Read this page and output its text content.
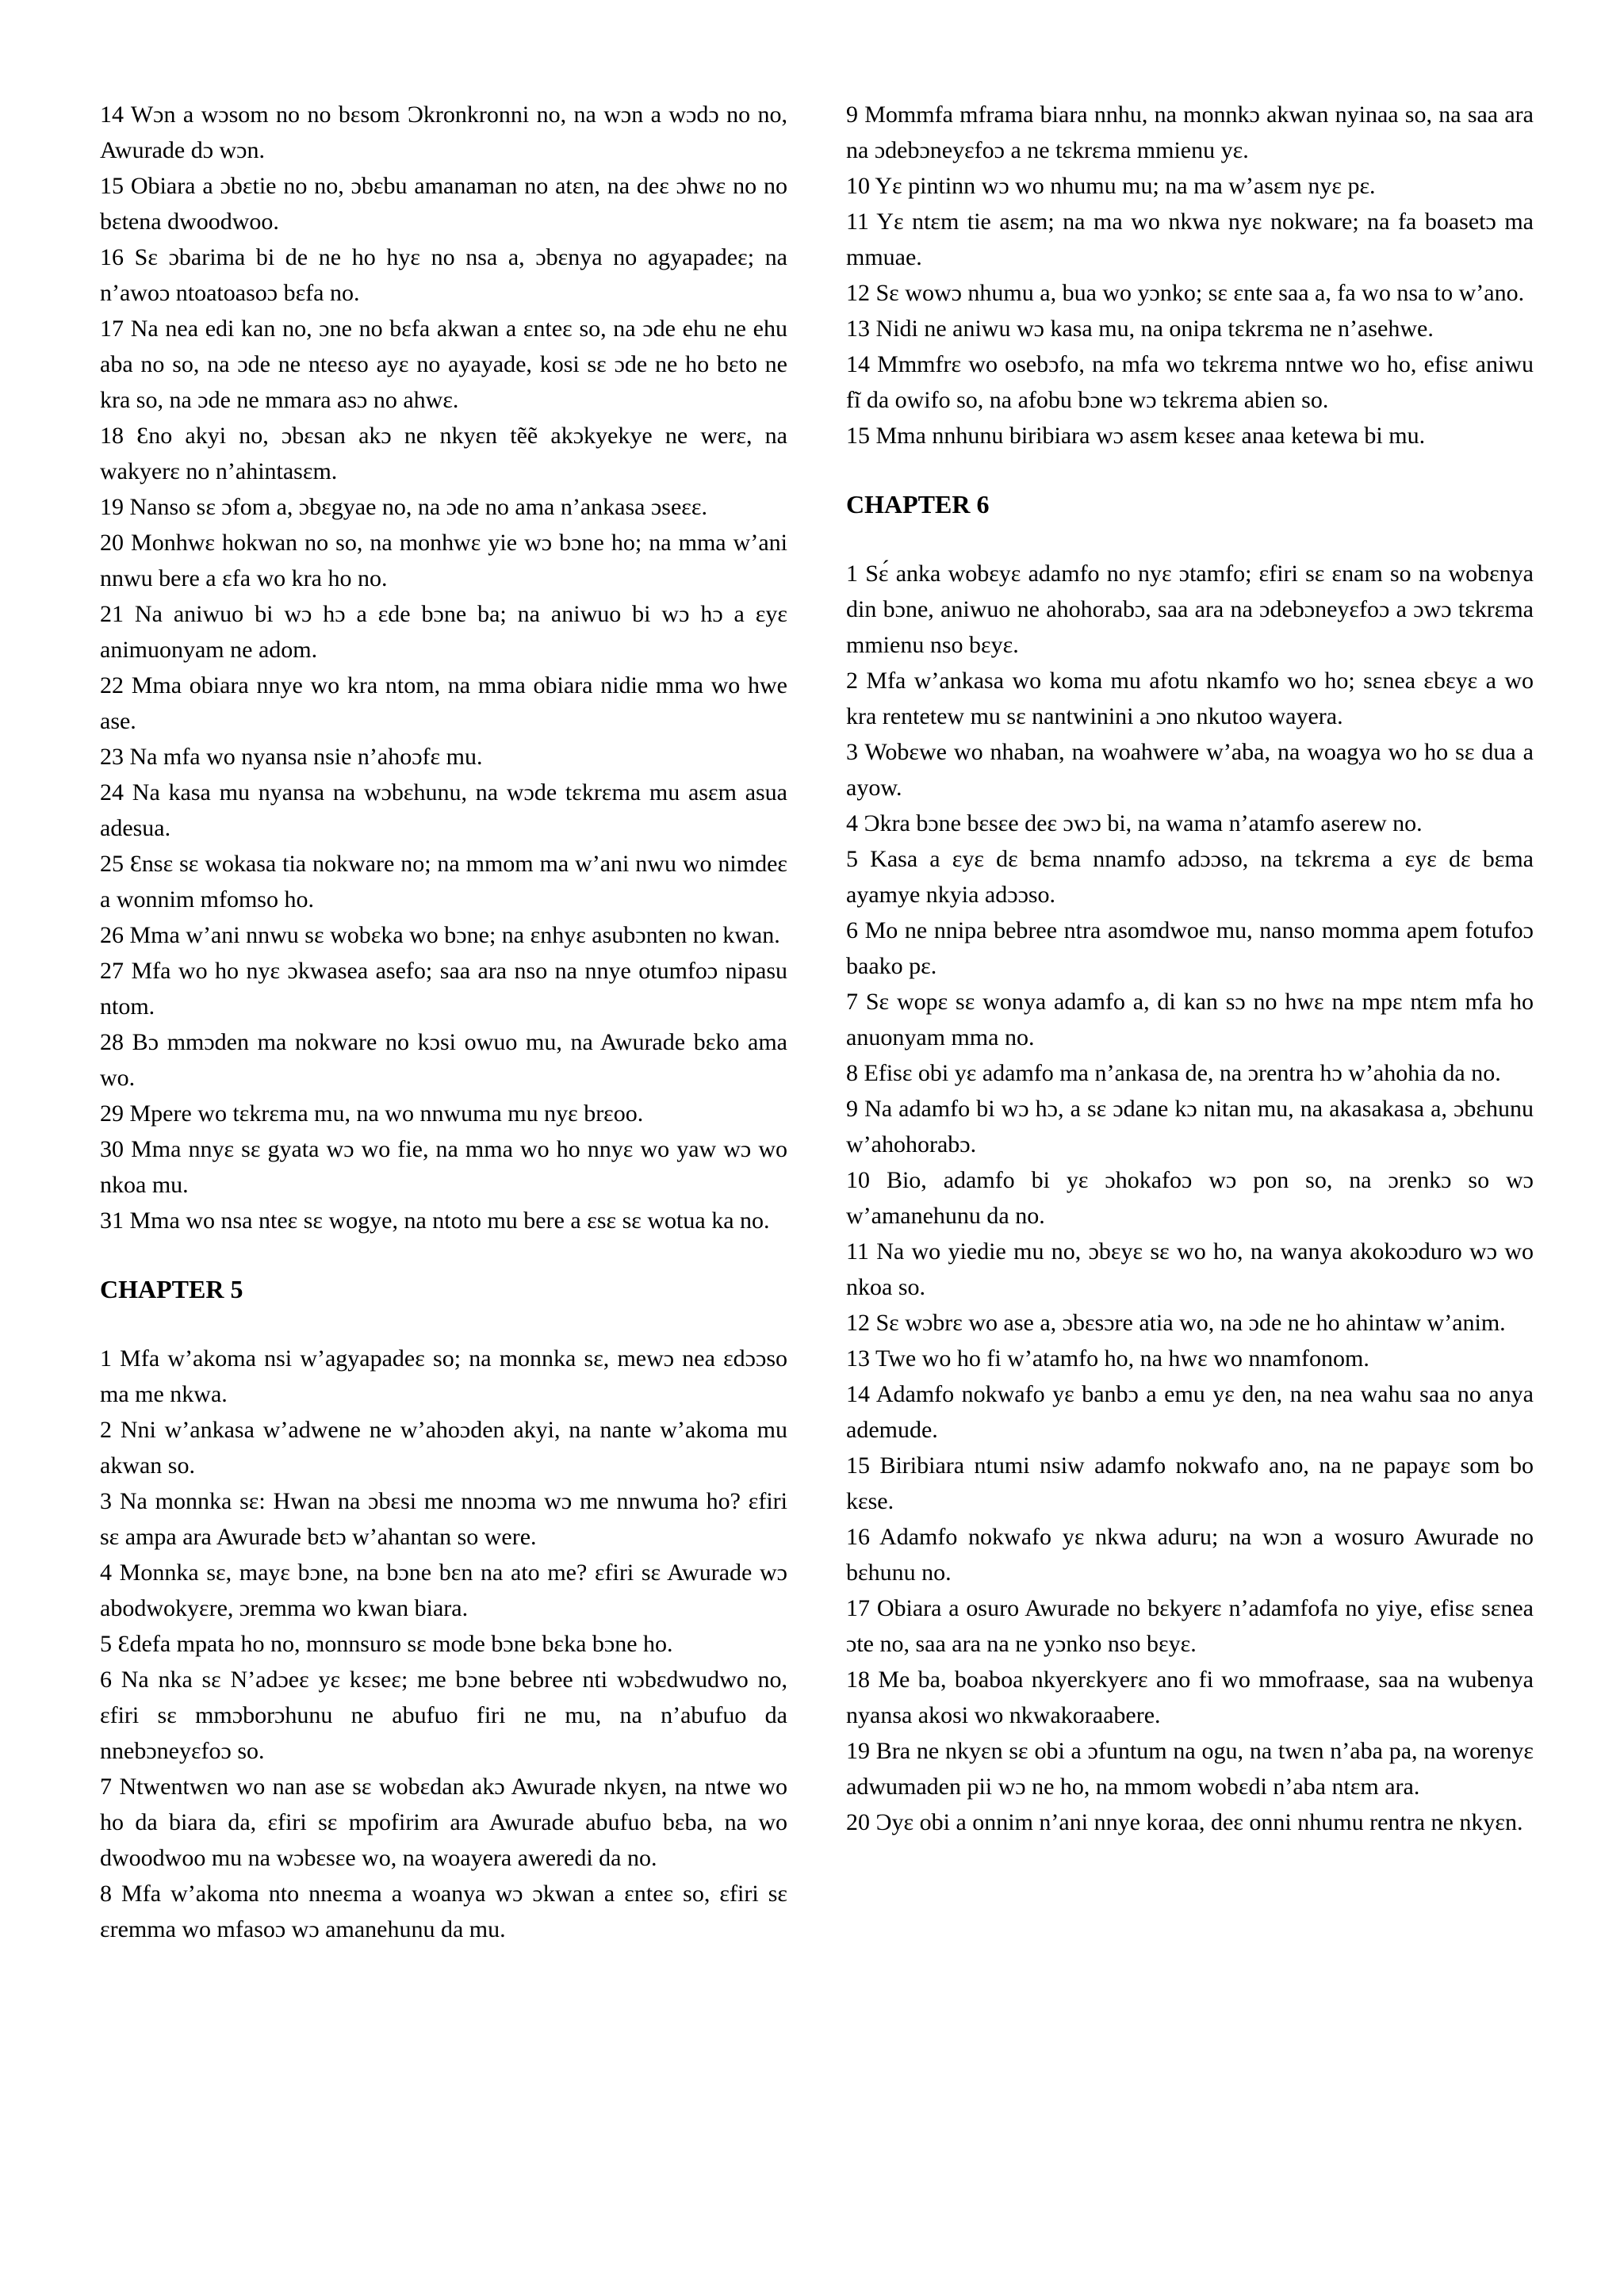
14 Wɔn a wɔsom no no bɛsom Ɔkronkronni no, na wɔn a wɔdɔ no no, Awurade dɔ wɔn.

15 Obiara a ɔbɛtie no no, ɔbɛbu amanaman no atɛn, na deɛ ɔhwɛ no no bɛtena dwoodwoo.

16 Sɛ ɔbarima bi de ne ho hyɛ no nsa a, ɔbɛnya no agyapadeɛ; na n’awoɔ ntoatoasoɔ bɛfa no.

17 Na nea edi kan no, ɔne no bɛfa akwan a ɛnteɛ so, na ɔde ehu ne ehu aba no so, na ɔde ne nteɛso ayɛ no ayayade, kosi sɛ ɔde ne ho bɛto ne kra so, na ɔde ne mmara asɔ no ahwɛ.

18 Ɛno akyi no, ɔbɛsan akɔ ne nkyɛn tẽẽ akɔkyekye ne werɛ, na wakyerɛ no n’ahintasɛm.

19 Nanso sɛ ɔfom a, ɔbɛgyae no, na ɔde no ama n’ankasa ɔseɛɛ.

20 Monhwɛ hokwan no so, na monhwɛ yie wɔ bɔne ho; na mma w’ani nnwu bere a ɛfa wo kra ho no.

21 Na aniwuo bi wɔ hɔ a ɛde bɔne ba; na aniwuo bi wɔ hɔ a ɛyɛ animuonyam ne adom.

22 Mma obiara nnye wo kra ntom, na mma obiara nidie mma wo hwe ase.

23 Na mfa wo nyansa nsie n’ahoɔfɛ mu.

24 Na kasa mu nyansa na wɔbɛhunu, na wɔde tɛkrɛma mu asɛm asua adesua.

25 Ɛnsɛ sɛ wokasa tia nokware no; na mmom ma w’ani nwu wo nimdeɛ a wonnim mfomso ho.

26 Mma w’ani nnwu sɛ wobɛka wo bɔne; na ɛnhyɛ asubɔnten no kwan.

27 Mfa wo ho nyɛ ɔkwasea asefo; saa ara nso na nnye otumfoɔ nipasu ntom.

28 Bɔ mmɔden ma nokware no kɔsi owuo mu, na Awurade bɛko ama wo.

29 Mpere wo tɛkrɛma mu, na wo nnwuma mu nyɛ brɛoo.

30 Mma nnyɛ sɛ gyata wɔ wo fie, na mma wo ho nnyɛ wo yaw wɔ wo nkoa mu.

31 Mma wo nsa nteɛ sɛ wogye, na ntoto mu bere a ɛsɛ sɛ wotua ka no.

CHAPTER 5

1 Mfa w’akoma nsi w’agyapadeɛ so; na monnka sɛ, mewɔ nea ɛdɔɔso ma me nkwa.

2 Nni w’ankasa w’adwene ne w’ahoɔden akyi, na nante w’akoma mu akwan so.

3 Na monnka sɛ: Hwan na ɔbɛsi me nnoɔma wɔ me nnwuma ho? ɛfiri sɛ ampa ara Awurade bɛtɔ w’ahantan so were.

4 Monnka sɛ, mayɛ bɔne, na bɔne bɛn na ato me? ɛfiri sɛ Awurade wɔ abodwokyɛre, ɔremma wo kwan biara.

5 Ɛdefa mpata ho no, monnsuro sɛ mode bɔne bɛka bɔne ho.

6 Na nka sɛ N’adɔeɛ yɛ kɛseɛ; me bɔne bebree nti wɔbɛdwudwo no, ɛfiri sɛ mmɔborɔhunu ne abufuo firi ne mu, na n’abufuo da nnebɔneyɛfoɔ so.

7 Ntwentwɛn wo nan ase sɛ wobɛdan akɔ Awurade nkyɛn, na ntwe wo ho da biara da, ɛfiri sɛ mpofirim ara Awurade abufuo bɛba, na wo dwoodwoo mu na wɔbɛsɛe wo, na woayera aweredi da no.

8 Mfa w’akoma nto nneɛma a woanya wɔ ɔkwan a ɛnteɛ so, ɛfiri sɛ ɛremma wo mfasoɔ wɔ amanehunu da mu.

9 Mommfa mframa biara nnhu, na monnkɔ akwan nyinaa so, na saa ara na ɔdebɔneyɛfoɔ a ne tɛkrɛma mmienu yɛ.

10 Yɛ pintinn wɔ wo nhumu mu; na ma w’asɛm nyɛ pɛ.

11 Yɛ ntɛm tie asɛm; na ma wo nkwa nyɛ nokware; na fa boasetɔ ma mmuae.

12 Sɛ wowɔ nhumu a, bua wo yɔnko; sɛ ɛnte saa a, fa wo nsa to w’ano.

13 Nidi ne aniwu wɔ kasa mu, na onipa tɛkrɛma ne n’asehwe.

14 Mmmfrɛ wo osebɔfo, na mfa wo tɛkrɛma nntwe wo ho, efisɛ aniwu fĩ da owifo so, na afobu bɔne wɔ tɛkrɛma abien so.

15 Mma nnhunu biribiara wɔ asɛm kɛseɛ anaa ketewa bi mu.

CHAPTER 6

1 Sɛ́ anka wobɛyɛ adamfo no nyɛ ɔtamfo; ɛfiri sɛ ɛnam so na wobɛnya din bɔne, aniwuo ne ahohorabɔ, saa ara na ɔdebɔneyɛfoɔ a ɔwɔ tɛkrɛma mmienu nso bɛyɛ.

2 Mfa w’ankasa wo koma mu afotu nkamfo wo ho; sɛnea ɛbɛyɛ a wo kra rentetew mu sɛ nantwinini a ɔno nkutoo wayera.

3 Wobɛwe wo nhaban, na woahwere w’aba, na woagya wo ho sɛ dua a ayow.

4 Ɔkra bɔne bɛsɛe deɛ ɔwɔ bi, na wama n’atamfo aserew no.

5 Kasa a ɛyɛ dɛ bɛma nnamfo adɔɔso, na tɛkrɛma a ɛyɛ dɛ bɛma ayamye nkyia adɔɔso.

6 Mo ne nnipa bebree ntra asomdwoe mu, nanso momma apem fotufoɔ baako pɛ.

7 Sɛ wopɛ sɛ wonya adamfo a, di kan sɔ no hwɛ na mpɛ ntɛm mfa ho anuonyam mma no.

8 Efisɛ obi yɛ adamfo ma n’ankasa de, na ɔrentra hɔ w’ahohia da no.

9 Na adamfo bi wɔ hɔ, a sɛ ɔdane kɔ nitan mu, na akasakasa a, ɔbɛhunu w’ahohorabɔ.

10 Bio, adamfo bi yɛ ɔhokafoɔ wɔ pon so, na ɔrenkɔ so wɔ w’amanehunu da no.

11 Na wo yiedie mu no, ɔbɛyɛ sɛ wo ho, na wanya akokoɔduro wɔ wo nkoa so.

12 Sɛ wɔbrɛ wo ase a, ɔbɛsɔre atia wo, na ɔde ne ho ahintaw w’anim.

13 Twe wo ho fi w’atamfo ho, na hwɛ wo nnamfonom.

14 Adamfo nokwafo yɛ banbɔ a emu yɛ den, na nea wahu saa no anya ademude.

15 Biribiara ntumi nsiw adamfo nokwafo ano, na ne papayɛ som bo kɛse.

16 Adamfo nokwafo yɛ nkwa aduru; na wɔn a wosuro Awurade no bɛhunu no.

17 Obiara a osuro Awurade no bɛkyerɛ n’adamfofa no yiye, efisɛ sɛnea ɔte no, saa ara na ne yɔnko nso bɛyɛ.

18 Me ba, boaboa nkyerɛkyerɛ ano fi wo mmofraase, saa na wubenya nyansa akosi wo nkwakoraabere.

19 Bra ne nkyɛn sɛ obi a ɔfuntum na ogu, na twɛn n’aba pa, na worenyɛ adwumaden pii wɔ ne ho, na mmom wobɛdi n’aba ntɛm ara.

20 Ɔyɛ obi a onnim n’ani nnye koraa, deɛ onni nhumu rentra ne nkyɛn.
